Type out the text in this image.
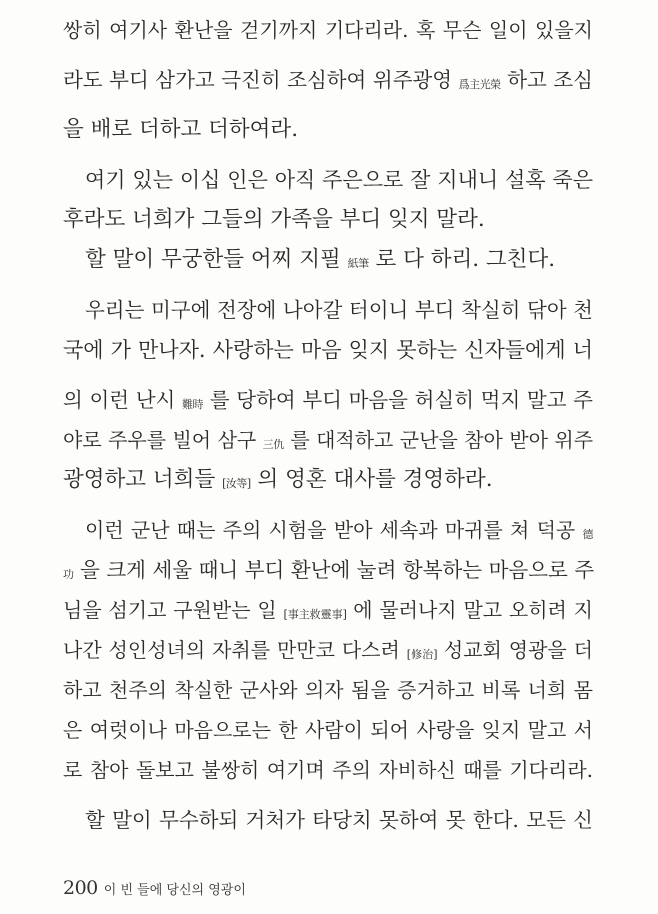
쌍히 여기사 환난을 걷기까지 기다리라. 혹 무슨 일이 있을지
라도 부디 삼가고 극진히 조심하여 위주광영 爲主光榮 하고 조심
을 배로 더하고 더하여라.
여기 있는 이십 인은 아직 주은으로 잘 지내니 설혹 죽은
후라도 너희가 그들의 가족을 부디 잊지 말라.
할 말이 무궁한들 어찌 지필 紙筆 로 다 하리. 그친다.
우리는 미구에 전장에 나아갈 터이니 부디 착실히 닦아 천
국에 가 만나자. 사랑하는 마음 잊지 못하는 신자들에게 너
의 이런 난시 難時 를 당하여 부디 마음을 허실히 먹지 말고 주
야로 주우를 빌어 삼구 三仇 를 대적하고 군난을 참아 받아 위주
광영하고 너희들 [汝等] 의 영혼 대사를 경영하라.
이런 군난 때는 주의 시험을 받아 세속과 마귀를 쳐 덕공 德
功 을 크게 세울 때니 부디 환난에 눌려 항복하는 마음으로 주
님을 섬기고 구원받는 일 [事主救靈事] 에 물러나지 말고 오히려 지
나간 성인성녀의 자취를 만만코 다스려 [修治] 성교회 영광을 더
하고 천주의 착실한 군사와 의자 됨을 증거하고 비록 너희 몸
은 여럿이나 마음으로는 한 사람이 되어 사랑을 잊지 말고 서
로 참아 돌보고 불쌍히 여기며 주의 자비하신 때를 기다리라.
할 말이 무수하되 거처가 타당치 못하여 못 한다. 모든 신
200 이 빈 들에 당신의 영광이
